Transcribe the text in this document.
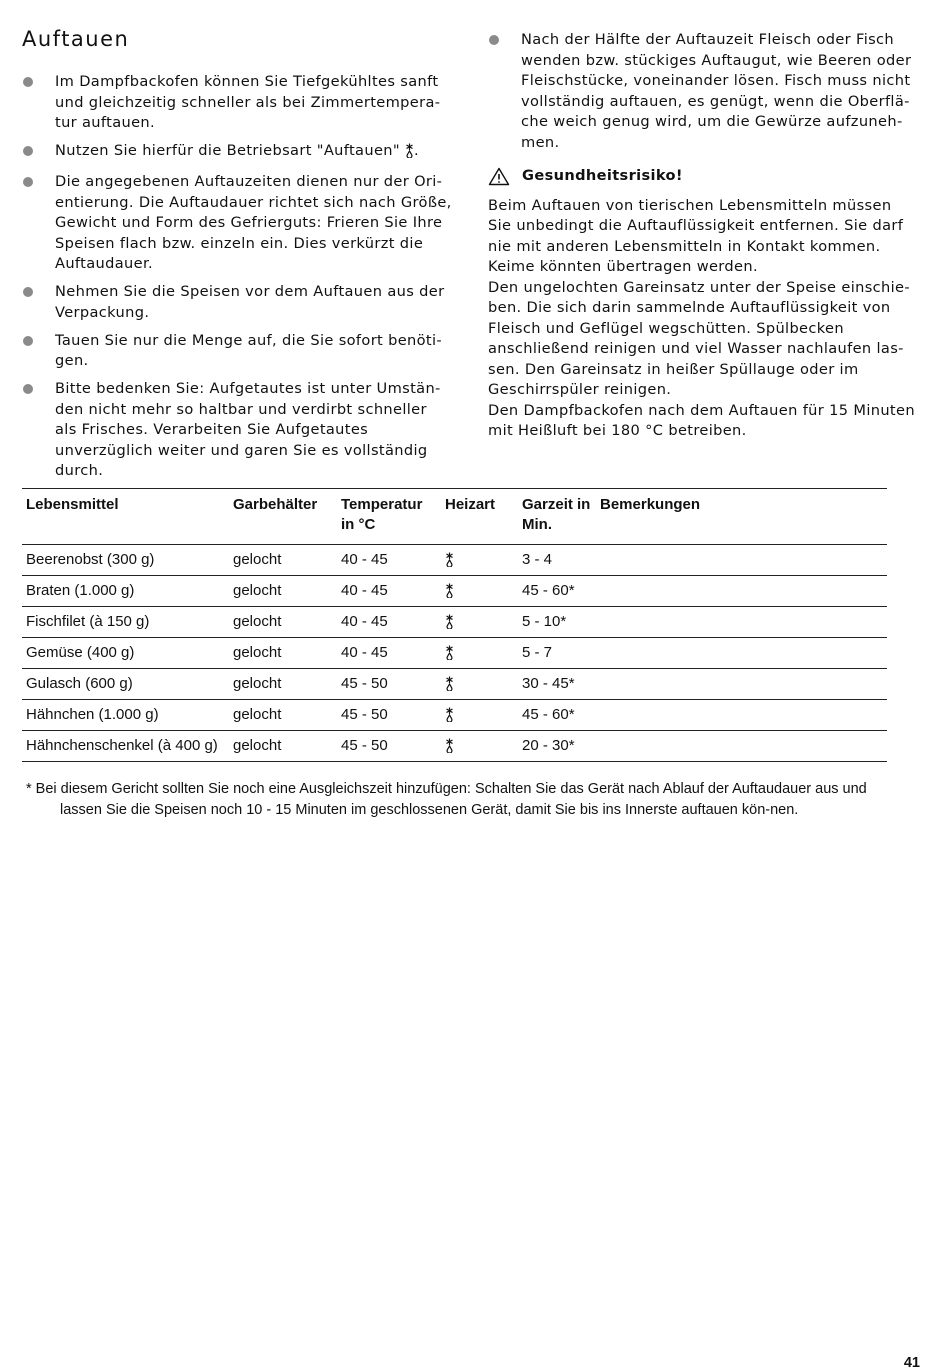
Auftauen
Im Dampfbackofen können Sie Tiefgekühltes sanft und gleichzeitig schneller als bei Zimmertempera-tur auftauen.
Nutzen Sie hierfür die Betriebsart "Auftauen" .
Die angegebenen Auftauzeiten dienen nur der Ori-entierung. Die Auftaudauer richtet sich nach Größe, Gewicht und Form des Gefrierguts: Frieren Sie Ihre Speisen flach bzw. einzeln ein. Dies verkürzt die Auftaudauer.
Nehmen Sie die Speisen vor dem Auftauen aus der Verpackung.
Tauen Sie nur die Menge auf, die Sie sofort benöti-gen.
Bitte bedenken Sie: Aufgetautes ist unter Umstän-den nicht mehr so haltbar und verdirbt schneller als Frisches. Verarbeiten Sie Aufgetautes unverzüglich weiter und garen Sie es vollständig durch.
Nach der Hälfte der Auftauzeit Fleisch oder Fisch wenden bzw. stückiges Auftaugut, wie Beeren oder Fleischstücke, voneinander lösen. Fisch muss nicht vollständig auftauen, es genügt, wenn die Oberflä-che weich genug wird, um die Gewürze aufzuneh-men.
Gesundheitsrisiko!

Beim Auftauen von tierischen Lebensmitteln müssen Sie unbedingt die Auftauflüssigkeit entfernen. Sie darf nie mit anderen Lebensmitteln in Kontakt kommen. Keime könnten übertragen werden.

Den ungelochten Gareinsatz unter der Speise einschie-ben. Die sich darin sammelnde Auftauflüssigkeit von Fleisch und Geflügel wegschütten. Spülbecken anschließend reinigen und viel Wasser nachlaufen las-sen. Den Gareinsatz in heißer Spüllauge oder im Geschirrspüler reinigen.

Den Dampfbackofen nach dem Auftauen für 15 Minuten mit Heißluft bei 180 °C betreiben.

Lebensmittel	Garbehälter	Temperatur in °C	Heizart	Garzeit in Min.	Bemerkungen
Beerenobst (300 g)	gelocht	40 - 45		3 - 4	
Braten (1.000 g)	gelocht	40 - 45		45 - 60*	
Fischfilet (à 150 g)	gelocht	40 - 45		5 - 10*	
Gemüse (400 g)	gelocht	40 - 45		5 - 7	
Gulasch (600 g)	gelocht	45 - 50		30 - 45*	
Hähnchen (1.000 g)	gelocht	45 - 50		45 - 60*	
Hähnchenschenkel (à 400 g)	gelocht	45 - 50		20 - 30*	

* Bei diesem Gericht sollten Sie noch eine Ausgleichszeit hinzufügen: Schalten Sie das Gerät nach Ablauf der Auftaudauer aus und lassen Sie die Speisen noch 10 - 15 Minuten im geschlossenen Gerät, damit Sie bis ins Innerste auftauen kön-nen.

41
